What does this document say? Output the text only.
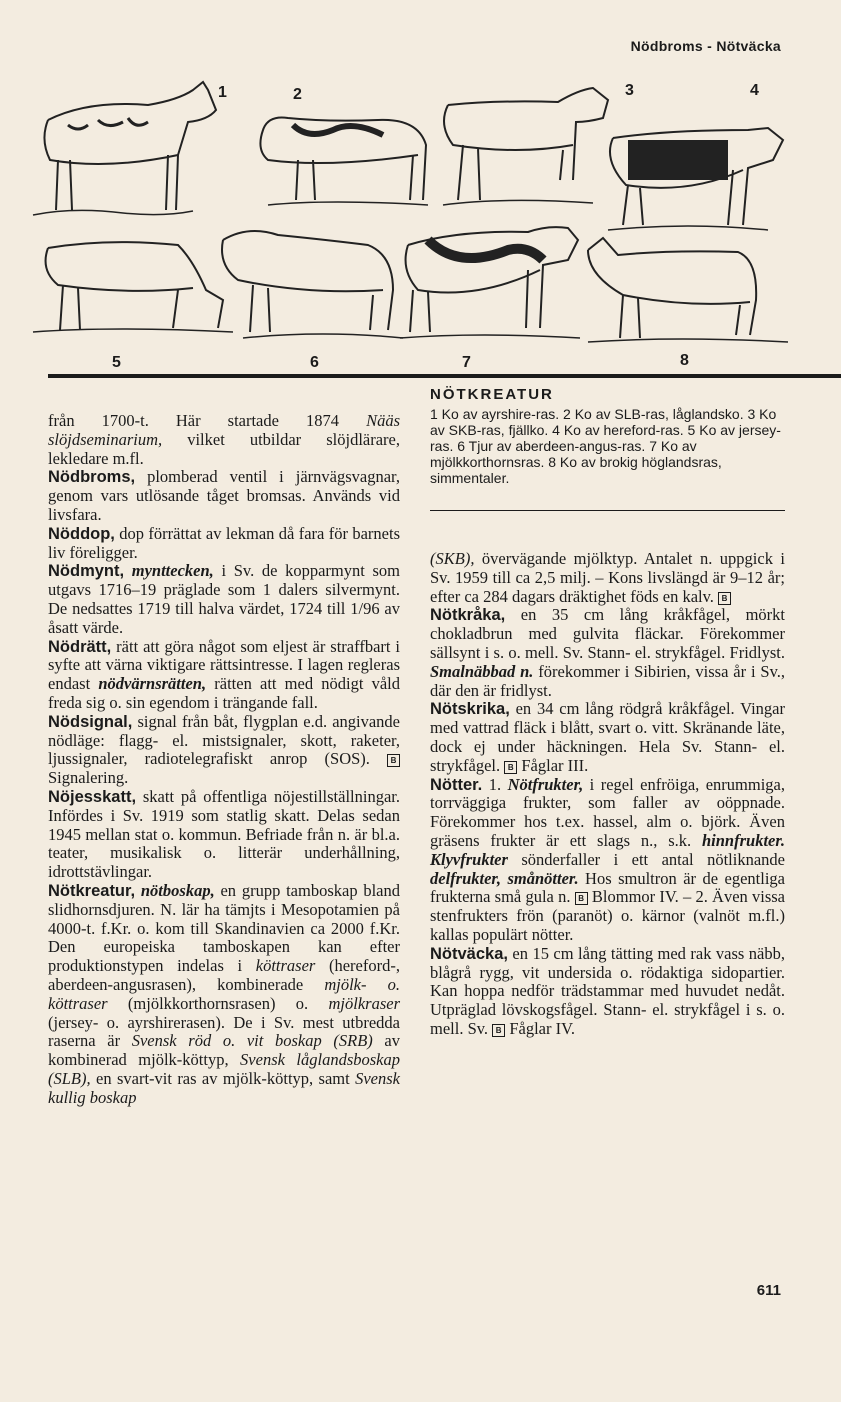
Nödbroms - Nötväcka
1	2	3	4
5	6	7	8
NÖTKREATUR
1 Ko av ayrshire-ras. 2 Ko av SLB-ras, låglandsko. 3 Ko av SKB-ras, fjällko. 4 Ko av hereford-ras. 5 Ko av jersey-ras. 6 Tjur av aberdeen-angus-ras. 7 Ko av mjölkkorthornsras. 8 Ko av brokig höglandsras, simmentaler.

från 1700-t. Här startade 1874 Nääs slöjdseminarium, vilket utbildar slöjdlärare, lekledare m.fl.

Nödbroms, plomberad ventil i järnvägsvagnar, genom vars utlösande tåget bromsas. Används vid livsfara.

Nöddop, dop förrättat av lekman då fara för barnets liv föreligger.

Nödmynt, mynttecken, i Sv. de kopparmynt som utgavs 1716–19 präglade som 1 dalers silvermynt. De nedsattes 1719 till halva värdet, 1724 till 1/96 av åsatt värde.

Nödrätt, rätt att göra något som eljest är straffbart i syfte att värna viktigare rättsintresse. I lagen regleras endast nödvärnsrätten, rätten att med nödigt våld freda sig o. sin egendom i trängande fall.

Nödsignal, signal från båt, flygplan e.d. angivande nödläge: flagg- el. mistsignaler, skott, raketer, ljussignaler, radiotelegrafiskt anrop (SOS).	B Signalering.

Nöjesskatt, skatt på offentliga nöjestillställningar. Infördes i Sv. 1919 som statlig skatt. Delas sedan 1945 mellan stat o. kommun. Befriade från n. är bl.a. teater, musikalisk o. litterär underhållning, idrottstävlingar.

Nötkreatur, nötboskap, en grupp tamboskap bland slidhornsdjuren. N. lär ha tämjts i Mesopotamien på 4000-t. f.Kr. o. kom till Skandinavien ca 2000 f.Kr. Den europeiska tamboskapen kan efter produktionstypen indelas i köttraser (hereford-, aberdeen-angusrasen), kombinerade mjölk- o. köttraser (mjölkkorthornsrasen) o. mjölkraser (jersey- o. ayrshirerasen). De i Sv. mest utbredda raserna är Svensk röd o. vit boskap (SRB) av kombinerad mjölk-köttyp, Svensk låglandsboskap (SLB), en svart-vit ras av mjölk-köttyp, samt Svensk kullig boskap

(SKB), övervägande mjölktyp. Antalet n. uppgick i Sv. 1959 till ca 2,5 milj. – Kons livslängd är 9–12 år; efter ca 284 dagars dräktighet föds en kalv. B

Nötkråka, en 35 cm lång kråkfågel, mörkt chokladbrun med gulvita fläckar. Förekommer sällsynt i s. o. mell. Sv. Stann- el. strykfågel. Fridlyst. Smalnäbbad n. förekommer i Sibirien, vissa år i Sv., där den är fridlyst.

Nötskrika, en 34 cm lång rödgrå kråkfågel. Vingar med vattrad fläck i blått, svart o. vitt. Skränande läte, dock ej under häckningen. Hela Sv. Stann- el. strykfågel. B Fåglar III.

Nötter. 1. Nötfrukter, i regel enfröiga, enrummiga, torrväggiga frukter, som faller av oöppnade. Förekommer hos t.ex. hassel, alm o. björk. Även gräsens frukter är ett slags n., s.k. hinnfrukter. Klyvfrukter sönderfaller i ett antal nötliknande delfrukter, smånötter. Hos smultron är de egentliga frukterna små gula n. B Blommor IV. – 2. Även vissa stenfrukters frön (paranöt) o. kärnor (valnöt m.fl.) kallas populärt nötter.

Nötväcka, en 15 cm lång tätting med rak vass näbb, blågrå rygg, vit undersida o. rödaktiga sidopartier. Kan hoppa nedför trädstammar med huvudet nedåt. Utpräglad lövskogsfågel. Stann- el. strykfågel i s. o. mell. Sv. B Fåglar IV.

611
